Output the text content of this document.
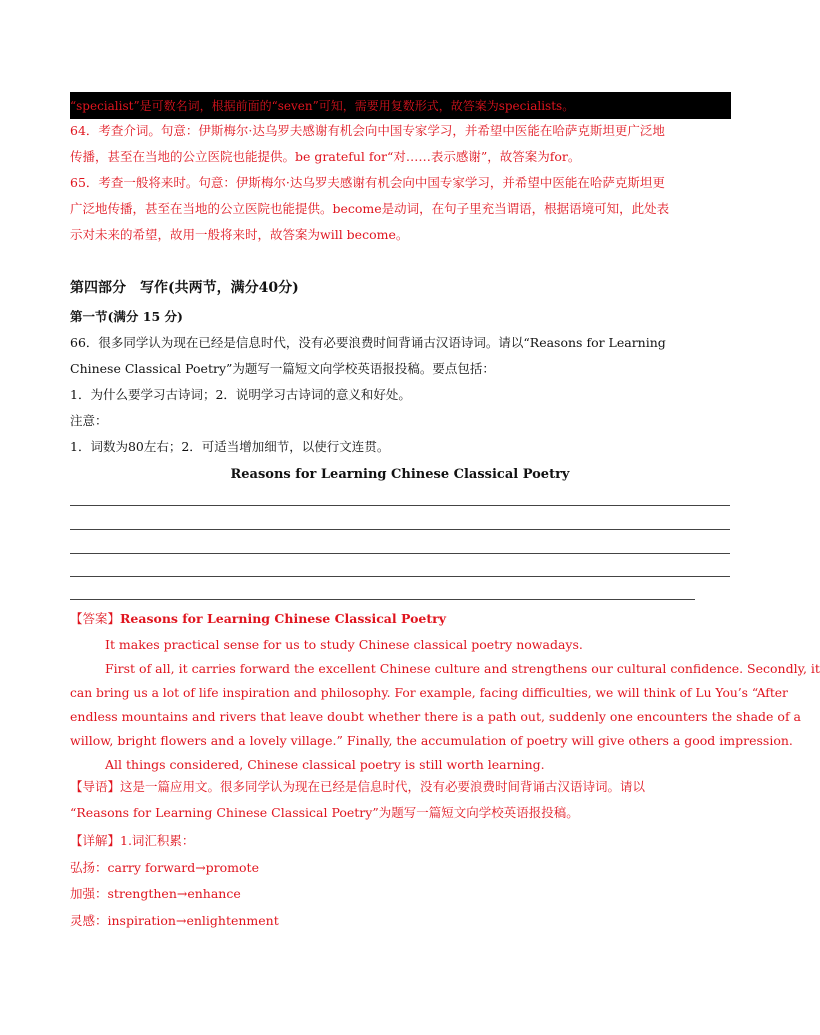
“specialist”是可数名词，根据前面的“seven”可知，需要用复数形式，故答案为specialists。
64．考查介词。句意：伊斯梅尔·达乌罗夫感谢有机会向中国专家学习，并希望中医能在哈萨克斯坦更广泛地
传播，甚至在当地的公立医院也能提供。be grateful for“对……表示感谢”，故答案为for。
65．考查一般将来时。句意：伊斯梅尔·达乌罗夫感谢有机会向中国专家学习，并希望中医能在哈萨克斯坦更
广泛地传播，甚至在当地的公立医院也能提供。become是动词，在句子里充当谓语，根据语境可知，此处表
示对未来的希望，故用一般将来时，故答案为will become。
第四部分　写作(共两节，满分40分)
第一节(满分 15 分)
66．很多同学认为现在已经是信息时代，没有必要浪费时间背诵古汉语诗词。请以“Reasons for Learning
Chinese Classical Poetry”为题写一篇短文向学校英语报投稿。要点包括：
1．为什么要学习古诗词；2．说明学习古诗词的意义和好处。
注意：
1．词数为80左右；2．可适当增加细节，以使行文连贯。
Reasons for Learning Chinese Classical Poetry
【答案】Reasons for Learning Chinese Classical Poetry
It makes practical sense for us to study Chinese classical poetry nowadays.
First of all, it carries forward the excellent Chinese culture and strengthens our cultural confidence. Secondly, it
can bring us a lot of life inspiration and philosophy. For example, facing difficulties, we will think of Lu You’s “After
endless mountains and rivers that leave doubt whether there is a path out, suddenly one encounters the shade of a
willow, bright flowers and a lovely village.” Finally, the accumulation of poetry will give others a good impression.
All things considered, Chinese classical poetry is still worth learning.
【导语】这是一篇应用文。很多同学认为现在已经是信息时代，没有必要浪费时间背诵古汉语诗词。请以
“Reasons for Learning Chinese Classical Poetry”为题写一篇短文向学校英语报投稿。
【详解】1.词汇积累：
弘扬：carry forward→promote
加强：strengthen→enhance
灵感：inspiration→enlightenment
